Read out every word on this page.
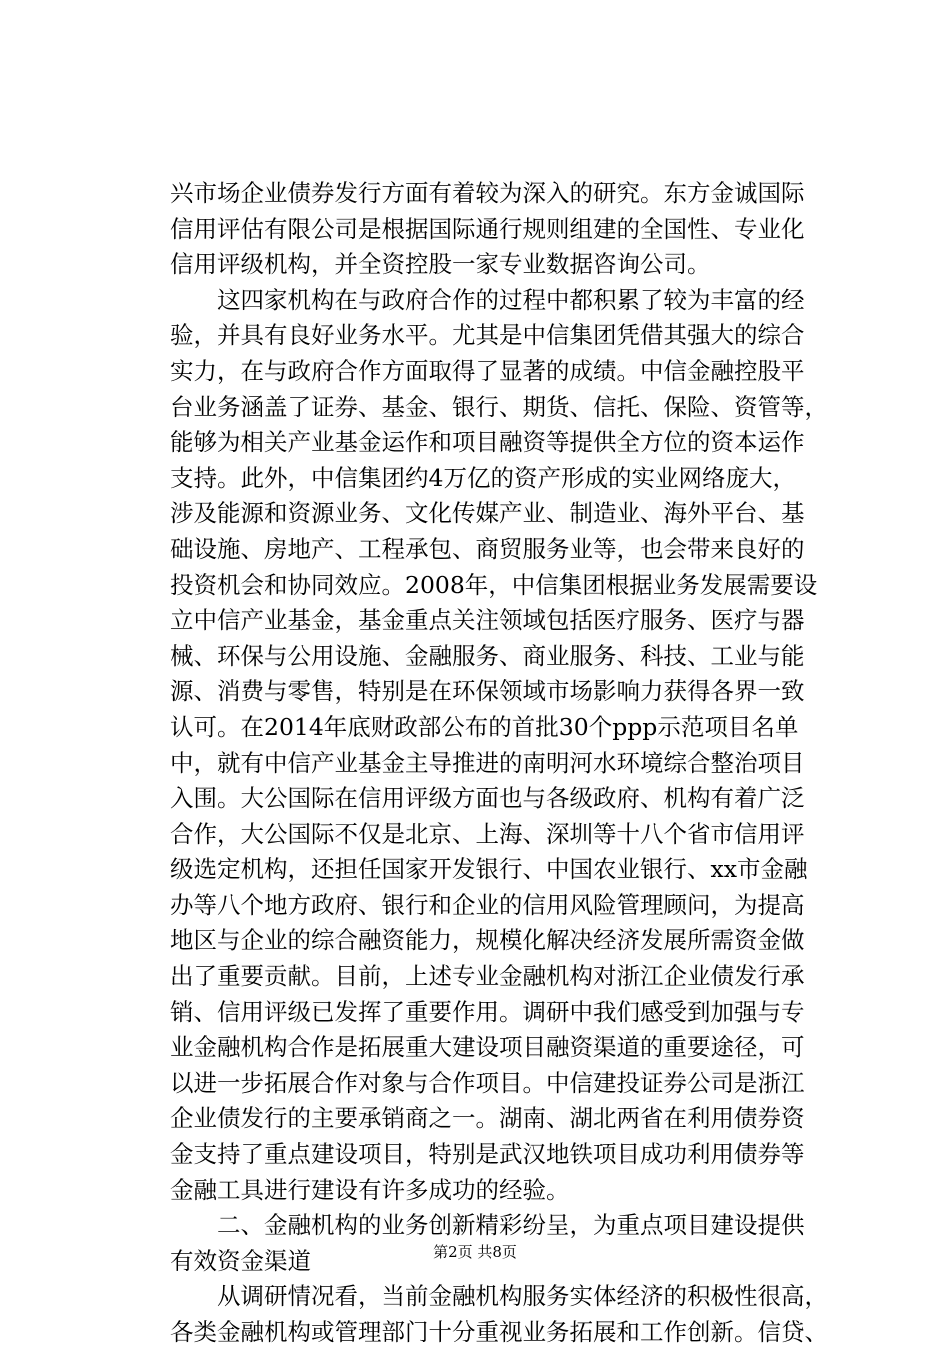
兴市场企业债券发行方面有着较为深入的研究。东方金诚国际
信用评估有限公司是根据国际通行规则组建的全国性、专业化
信用评级机构，并全资控股一家专业数据咨询公司。
　　这四家机构在与政府合作的过程中都积累了较为丰富的经
验，并具有良好业务水平。尤其是中信集团凭借其强大的综合
实力，在与政府合作方面取得了显著的成绩。中信金融控股平
台业务涵盖了证券、基金、银行、期货、信托、保险、资管等，
能够为相关产业基金运作和项目融资等提供全方位的资本运作
支持。此外，中信集团约4万亿的资产形成的实业网络庞大，
涉及能源和资源业务、文化传媒产业、制造业、海外平台、基
础设施、房地产、工程承包、商贸服务业等，也会带来良好的
投资机会和协同效应。2008年，中信集团根据业务发展需要设
立中信产业基金，基金重点关注领域包括医疗服务、医疗与器
械、环保与公用设施、金融服务、商业服务、科技、工业与能
源、消费与零售，特别是在环保领域市场影响力获得各界一致
认可。在2014年底财政部公布的首批30个ppp示范项目名单
中，就有中信产业基金主导推进的南明河水环境综合整治项目
入围。大公国际在信用评级方面也与各级政府、机构有着广泛
合作，大公国际不仅是北京、上海、深圳等十八个省市信用评
级选定机构，还担任国家开发银行、中国农业银行、xx市金融
办等八个地方政府、银行和企业的信用风险管理顾问，为提高
地区与企业的综合融资能力，规模化解决经济发展所需资金做
出了重要贡献。目前，上述专业金融机构对浙江企业债发行承
销、信用评级已发挥了重要作用。调研中我们感受到加强与专
业金融机构合作是拓展重大建设项目融资渠道的重要途径，可
以进一步拓展合作对象与合作项目。中信建投证券公司是浙江
企业债发行的主要承销商之一。湖南、湖北两省在利用债券资
金支持了重点建设项目，特别是武汉地铁项目成功利用债券等
金融工具进行建设有许多成功的经验。
　　二、金融机构的业务创新精彩纷呈，为重点项目建设提供
有效资金渠道
　　从调研情况看，当前金融机构服务实体经济的积极性很高，
各类金融机构或管理部门十分重视业务拓展和工作创新。信贷、
第2页 共8页
